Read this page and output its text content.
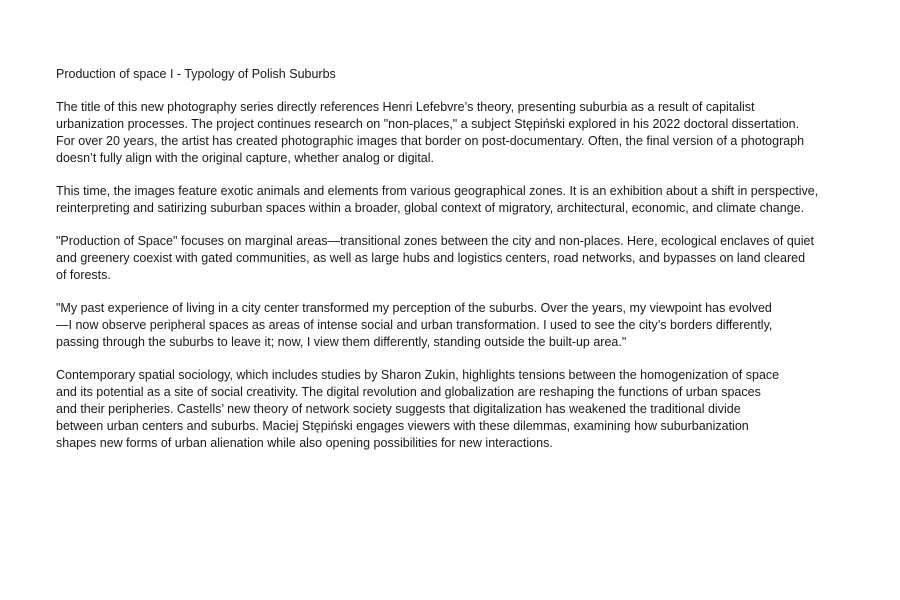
Production of space I - Typology of Polish Suburbs

The title of this new photography series directly references Henri Lefebvre’s theory, presenting suburbia as a result of capitalist
urbanization processes. The project continues research on "non-places," a subject Stępiński explored in his 2022 doctoral dissertation.
For over 20 years, the artist has created photographic images that border on post-documentary. Often, the final version of a photograph
doesn’t fully align with the original capture, whether analog or digital.

This time, the images feature exotic animals and elements from various geographical zones. It is an exhibition about a shift in perspective,
reinterpreting and satirizing suburban spaces within a broader, global context of migratory, architectural, economic, and climate change.

"Production of Space" focuses on marginal areas—transitional zones between the city and non-places. Here, ecological enclaves of quiet
and greenery coexist with gated communities, as well as large hubs and logistics centers, road networks, and bypasses on land cleared
of forests.

"My past experience of living in a city center transformed my perception of the suburbs. Over the years, my viewpoint has evolved
—I now observe peripheral spaces as areas of intense social and urban transformation. I used to see the city’s borders differently,
passing through the suburbs to leave it; now, I view them differently, standing outside the built-up area."

Contemporary spatial sociology, which includes studies by Sharon Zukin, highlights tensions between the homogenization of space
and its potential as a site of social creativity. The digital revolution and globalization are reshaping the functions of urban spaces
and their peripheries. Castells’ new theory of network society suggests that digitalization has weakened the traditional divide
between urban centers and suburbs. Maciej Stępiński engages viewers with these dilemmas, examining how suburbanization
shapes new forms of urban alienation while also opening possibilities for new interactions.
